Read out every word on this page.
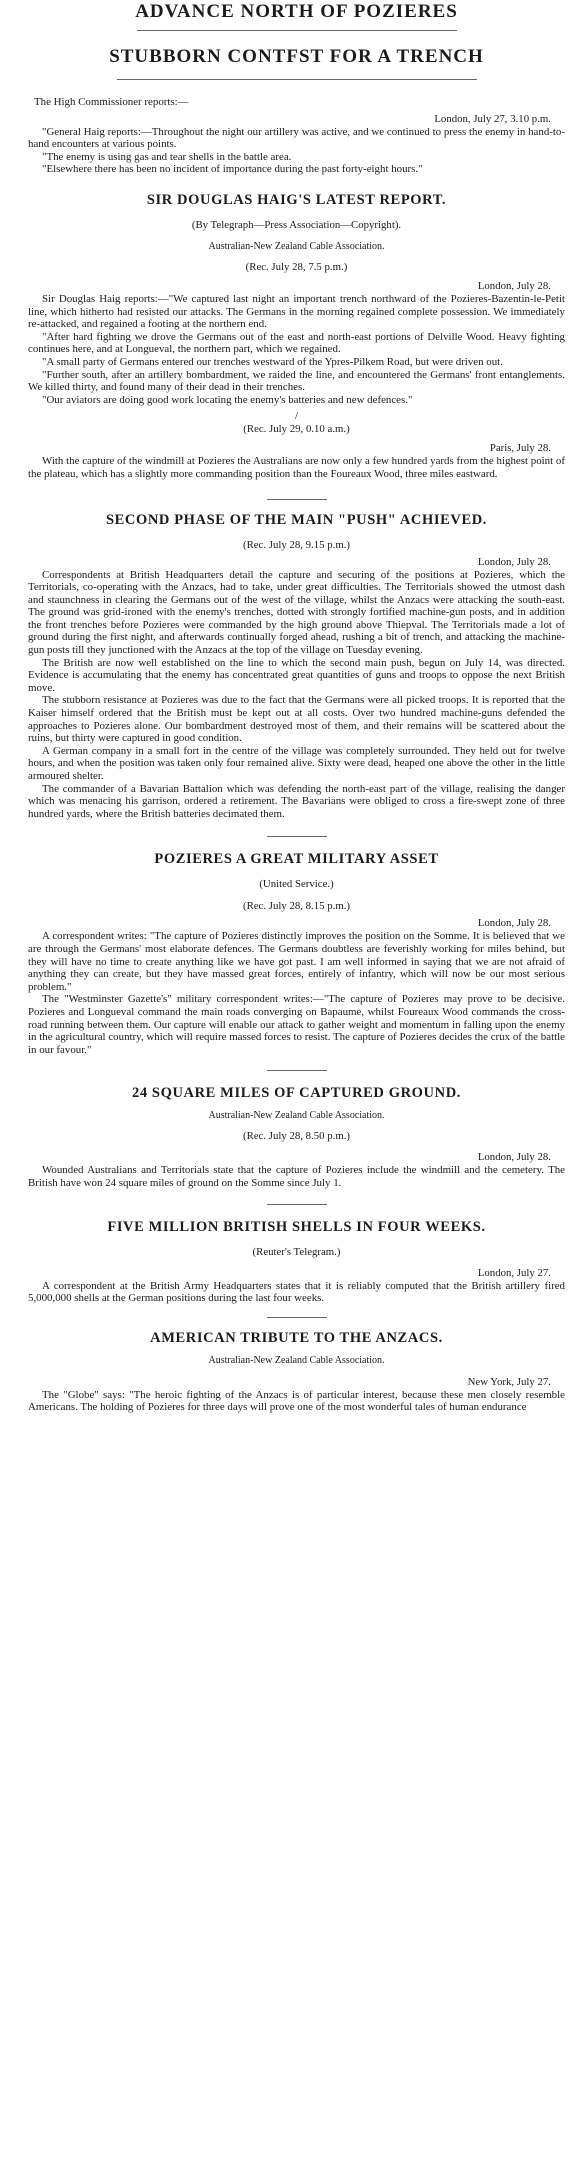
ADVANCE NORTH OF POZIERES
STUBBORN CONTFST FOR A TRENCH

The High Commissioner reports:—

London, July 27, 3.10 p.m.

"General Haig reports:—Throughout the night our artillery was active, and we continued to press the enemy in hand-to-hand encounters at various points.

"The enemy is using gas and tear shells in the battle area.

"Elsewhere there has been no incident of importance during the past forty-eight hours."

SIR DOUGLAS HAIG'S LATEST REPORT.

(By Telegraph—Press Association—Copyright).

Australian-New Zealand Cable Association.

(Rec. July 28, 7.5 p.m.)

London, July 28.

Sir Douglas Haig reports:—"We captured last night an important trench northward of the Pozieres-Bazentin-le-Petit line, which hitherto had resisted our attacks. The Germans in the morning regained complete possession. We immediately re-attacked, and regained a footing at the northern end.

"After hard fighting we drove the Germans out of the east and north-east portions of Delville Wood. Heavy fighting continues here, and at Longueval, the northern part, which we regained.

"A small party of Germans entered our trenches westward of the Ypres-Pilkem Road, but were driven out.

"Further south, after an artillery bombardment, we raided the line, and encountered the Germans' front entanglements. We killed thirty, and found many of their dead in their trenches.

"Our aviators are doing good work locating the enemy's batteries and new defences."

/

(Rec. July 29, 0.10 a.m.)

Paris, July 28.

With the capture of the windmill at Pozieres the Australians are now only a few hundred yards from the highest point of the plateau, which has a slightly more commanding position than the Foureaux Wood, three miles eastward.

SECOND PHASE OF THE MAIN "PUSH" ACHIEVED.

(Rec. July 28, 9.15 p.m.)

London, July 28.

Correspondents at British Headquarters detail the capture and securing of the positions at Pozieres, which the Territorials, co-operating with the Anzacs, had to take, under great difficulties. The Territorials showed the utmost dash and staunchness in clearing the Germans out of the west of the village, whilst the Anzacs were attacking the south-east. The ground was grid-ironed with the enemy's trenches, dotted with strongly fortified machine-gun posts, and in addition the front trenches before Pozieres were commanded by the high ground above Thiepval. The Territorials made a lot of ground during the first night, and afterwards continually forged ahead, rushing a bit of trench, and attacking the machine-gun posts till they junctioned with the Anzacs at the top of the village on Tuesday evening.

The British are now well established on the line to which the second main push, begun on July 14, was directed. Evidence is accumulating that the enemy has concentrated great quantities of guns and troops to oppose the next British move.

The stubborn resistance at Pozieres was due to the fact that the Germans were all picked troops. It is reported that the Kaiser himself ordered that the British must be kept out at all costs. Over two hundred machine-guns defended the approaches to Pozieres alone. Our bombardment destroyed most of them, and their remains will be scattered about the ruins, but thirty were captured in good condition.

A German company in a small fort in the centre of the village was completely surrounded. They held out for twelve hours, and when the position was taken only four remained alive. Sixty were dead, heaped one above the other in the little armoured shelter.

The commander of a Bavarian Battalion which was defending the north-east part of the village, realising the danger which was menacing his garrison, ordered a retirement. The Bavarians were obliged to cross a fire-swept zone of three hundred yards, where the British batteries decimated them.

POZIERES A GREAT MILITARY ASSET

(United Service.)

(Rec. July 28, 8.15 p.m.)

London, July 28.

A correspondent writes: "The capture of Pozieres distinctly improves the position on the Somme. It is believed that we are through the Germans' most elaborate defences. The Germans doubtless are feverishly working for miles behind, but they will have no time to create anything like we have got past. I am well informed in saying that we are not afraid of anything they can create, but they have massed great forces, entirely of infantry, which will now be our most serious problem."

The "Westminster Gazette's" military correspondent writes:—"The capture of Pozieres may prove to be decisive. Pozieres and Longueval command the main roads converging on Bapaume, whilst Foureaux Wood commands the cross-road running between them. Our capture will enable our attack to gather weight and momentum in falling upon the enemy in the agricultural country, which will require massed forces to resist. The capture of Pozieres decides the crux of the battle in our favour."

24 SQUARE MILES OF CAPTURED GROUND.

Australian-New Zealand Cable Association.

(Rec. July 28, 8.50 p.m.)

London, July 28.

Wounded Australians and Territorials state that the capture of Pozieres include the windmill and the cemetery. The British have won 24 square miles of ground on the Somme since July 1.

FIVE MILLION BRITISH SHELLS IN FOUR WEEKS.

(Reuter's Telegram.)

London, July 27.

A correspondent at the British Army Headquarters states that it is reliably computed that the British artillery fired 5,000,000 shells at the German positions during the last four weeks.

AMERICAN TRIBUTE TO THE ANZACS.

Australian-New Zealand Cable Association.

New York, July 27.

The "Globe" says: "The heroic fighting of the Anzacs is of particular interest, because these men closely resemble Americans. The holding of Pozieres for three days will prove one of the most wonderful tales of human endurance
